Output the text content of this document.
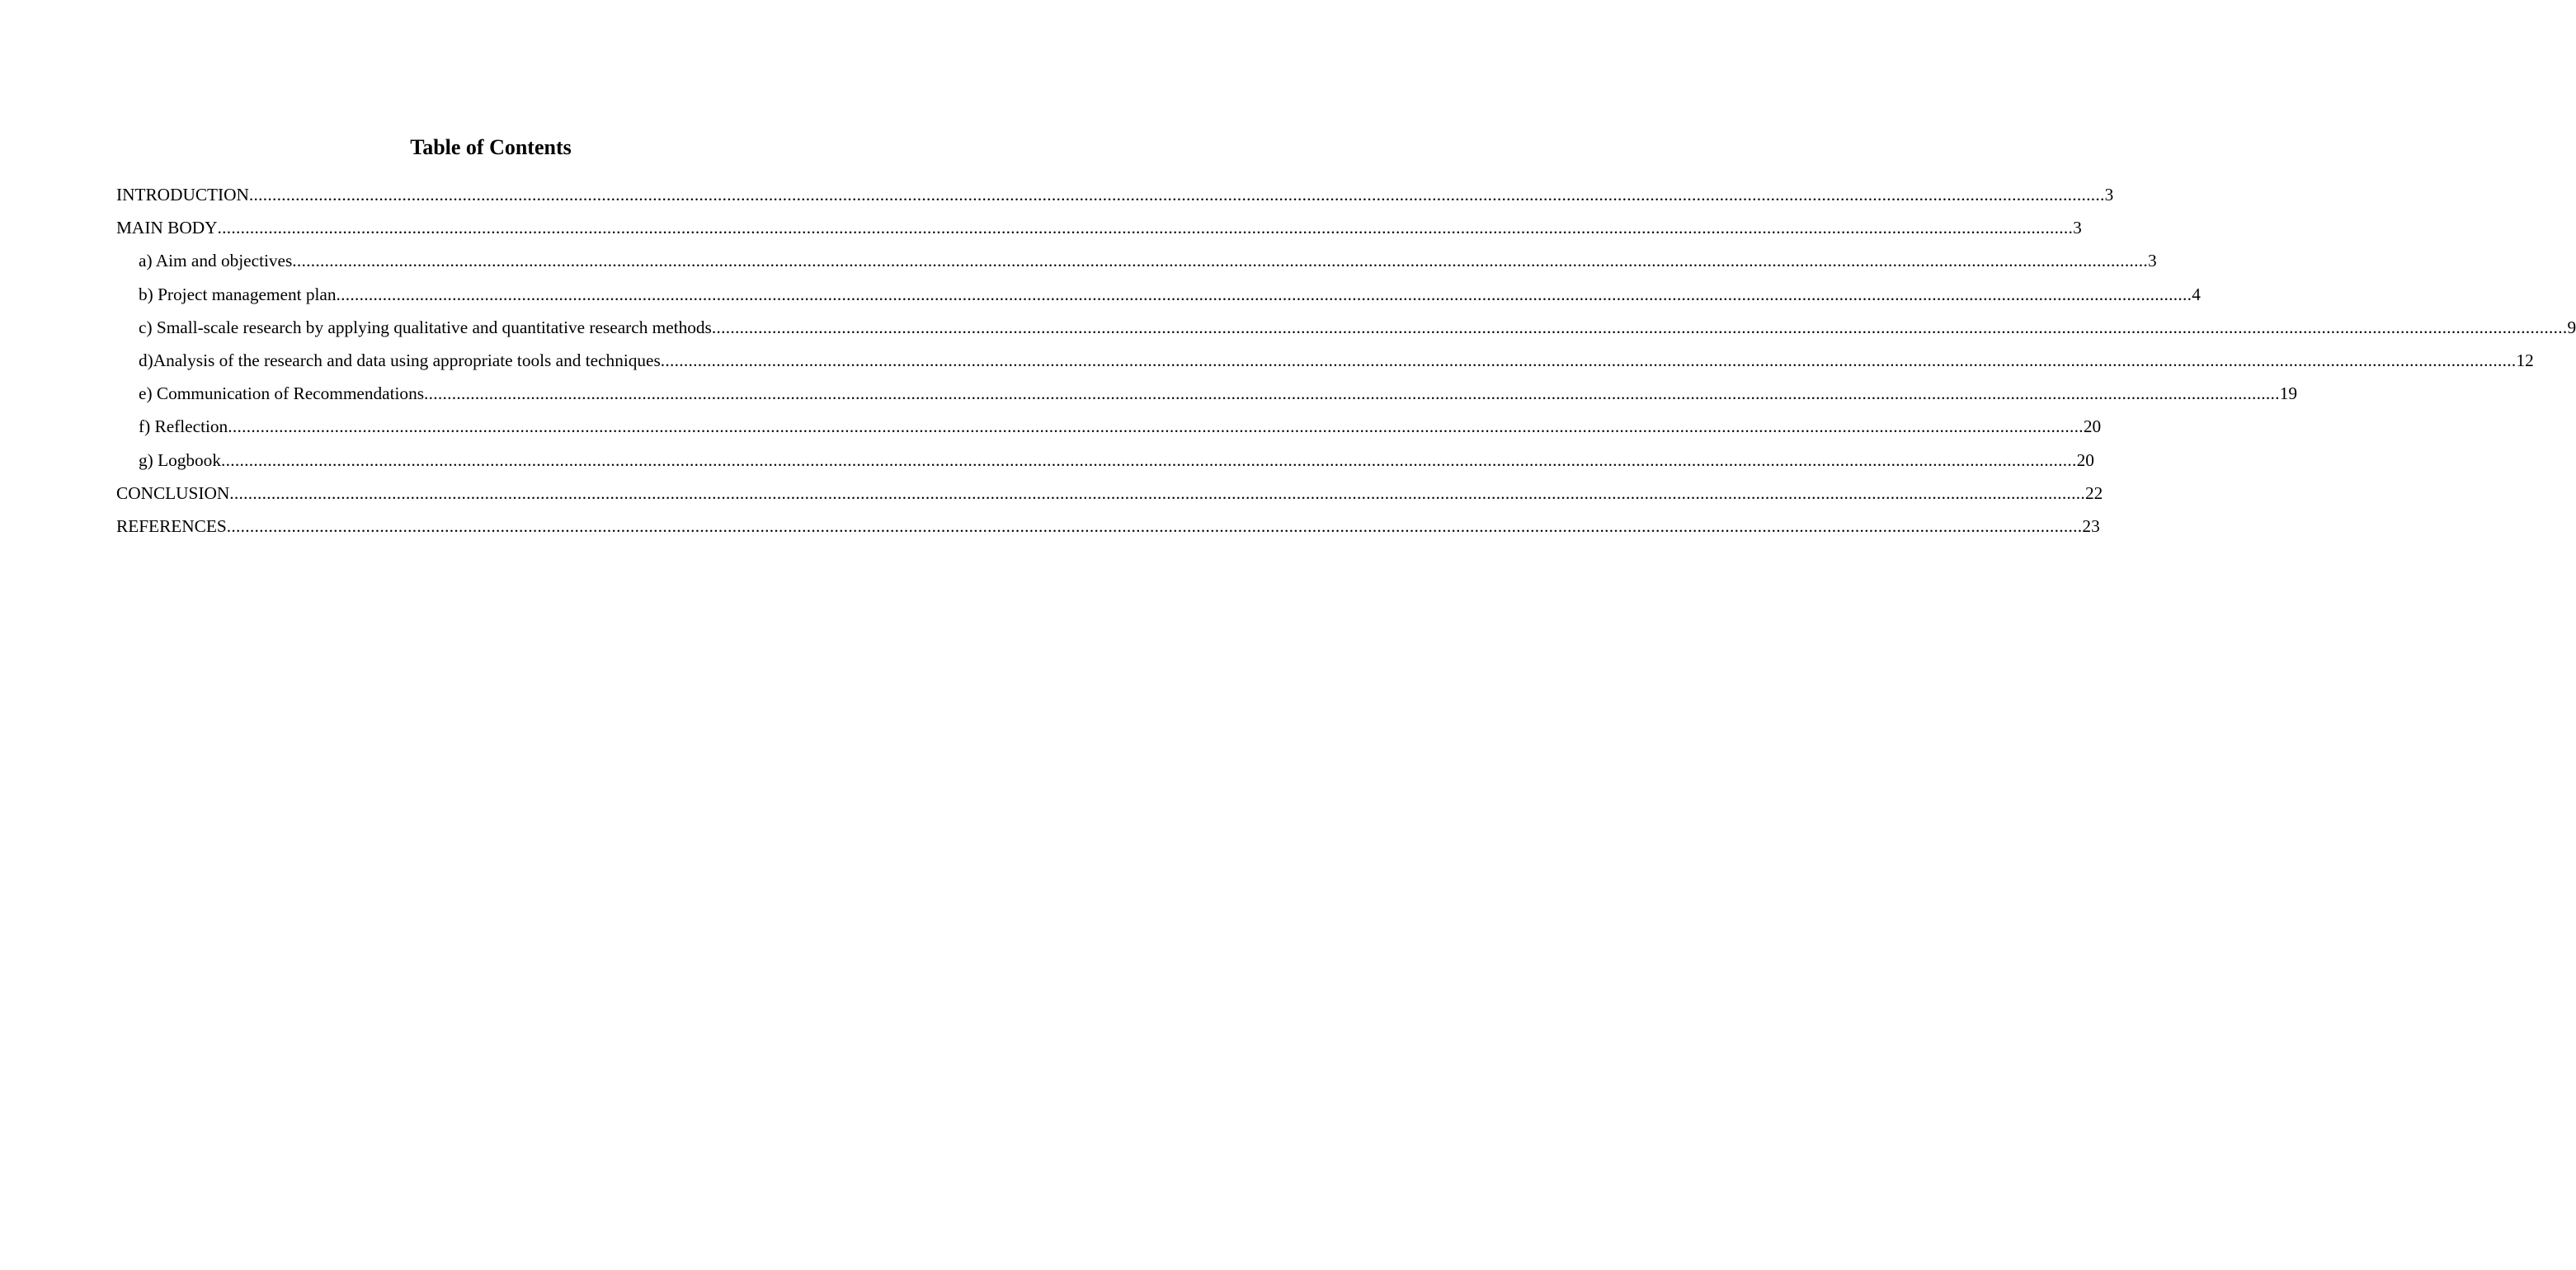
Table of Contents
INTRODUCTION ................................................................................................................................................................................................................................................................................................................................................................................................................ 3
MAIN BODY ................................................................................................................................................................................................................................................................................................................................................................................................................ 3
a) Aim and objectives ................................................................................................................................................................................................................................................................................................................................................................................................................ 3
b) Project management plan ................................................................................................................................................................................................................................................................................................................................................................................................................ 4
c) Small-scale research by applying qualitative and quantitative research methods ................................................................................................................................................................................................................................................................................................................................................................................................................ 9
d)Analysis of the research and data using appropriate tools and techniques ................................................................................................................................................................................................................................................................................................................................................................................................................ 12
e) Communication of Recommendations ................................................................................................................................................................................................................................................................................................................................................................................................................ 19
f) Reflection ................................................................................................................................................................................................................................................................................................................................................................................................................ 20
g) Logbook ................................................................................................................................................................................................................................................................................................................................................................................................................ 20
CONCLUSION ................................................................................................................................................................................................................................................................................................................................................................................................................ 22
REFERENCES ................................................................................................................................................................................................................................................................................................................................................................................................................ 23
